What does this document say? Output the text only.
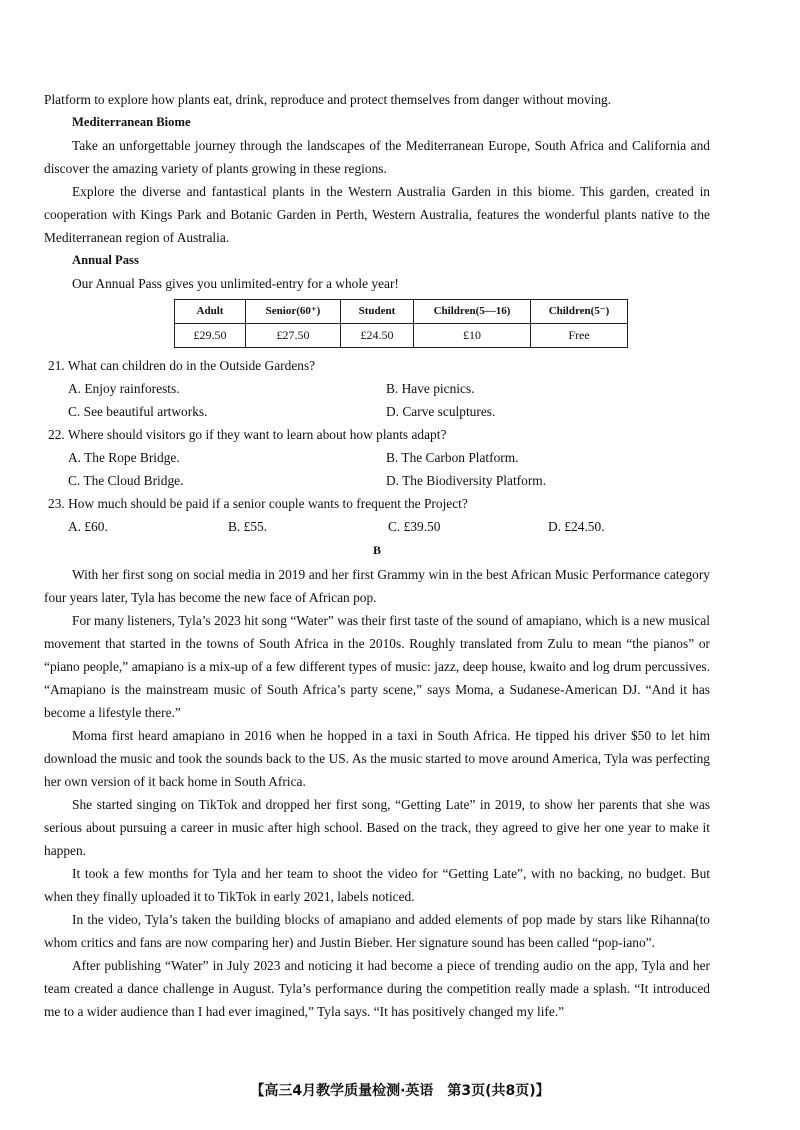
Platform to explore how plants eat, drink, reproduce and protect themselves from danger without moving.

Mediterranean Biome

Take an unforgettable journey through the landscapes of the Mediterranean Europe, South Africa and California and discover the amazing variety of plants growing in these regions.

Explore the diverse and fantastical plants in the Western Australia Garden in this biome. This garden, created in cooperation with Kings Park and Botanic Garden in Perth, Western Australia, features the wonderful plants native to the Mediterranean region of Australia.

Annual Pass

Our Annual Pass gives you unlimited-entry for a whole year!

Adult	Senior(60⁺)	Student	Children(5—16)	Children(5⁻)
£29.50	£27.50	£24.50	£10	Free

21. What can children do in the Outside Gardens?

A. Enjoy rainforests.	B. Have picnics.
C. See beautiful artworks.	D. Carve sculptures.

22. Where should visitors go if they want to learn about how plants adapt?

A. The Rope Bridge.	B. The Carbon Platform.
C. The Cloud Bridge.	D. The Biodiversity Platform.

23. How much should be paid if a senior couple wants to frequent the Project?

A. £60.	B. £55.	C. £39.50	D. £24.50.

B

With her first song on social media in 2019 and her first Grammy win in the best African Music Performance category four years later, Tyla has become the new face of African pop.

For many listeners, Tyla’s 2023 hit song “Water” was their first taste of the sound of amapiano, which is a new musical movement that started in the towns of South Africa in the 2010s. Roughly translated from Zulu to mean “the pianos” or “piano people,” amapiano is a mix-up of a few different types of music: jazz, deep house, kwaito and log drum percussives. “Amapiano is the mainstream music of South Africa’s party scene,” says Moma, a Sudanese-American DJ. “And it has become a lifestyle there.”

Moma first heard amapiano in 2016 when he hopped in a taxi in South Africa. He tipped his driver $50 to let him download the music and took the sounds back to the US. As the music started to move around America, Tyla was perfecting her own version of it back home in South Africa.

She started singing on TikTok and dropped her first song, “Getting Late” in 2019, to show her parents that she was serious about pursuing a career in music after high school. Based on the track, they agreed to give her one year to make it happen.

It took a few months for Tyla and her team to shoot the video for “Getting Late”, with no backing, no budget. But when they finally uploaded it to TikTok in early 2021, labels noticed.

In the video, Tyla’s taken the building blocks of amapiano and added elements of pop made by stars like Rihanna(to whom critics and fans are now comparing her) and Justin Bieber. Her signature sound has been called “pop-iano”.

After publishing “Water” in July 2023 and noticing it had become a piece of trending audio on the app, Tyla and her team created a dance challenge in August. Tyla’s performance during the competition really made a splash. “It introduced me to a wider audience than I had ever imagined,” Tyla says. “It has positively changed my life.”

【高三4月教学质量检测·英语　第3页(共8页)】
